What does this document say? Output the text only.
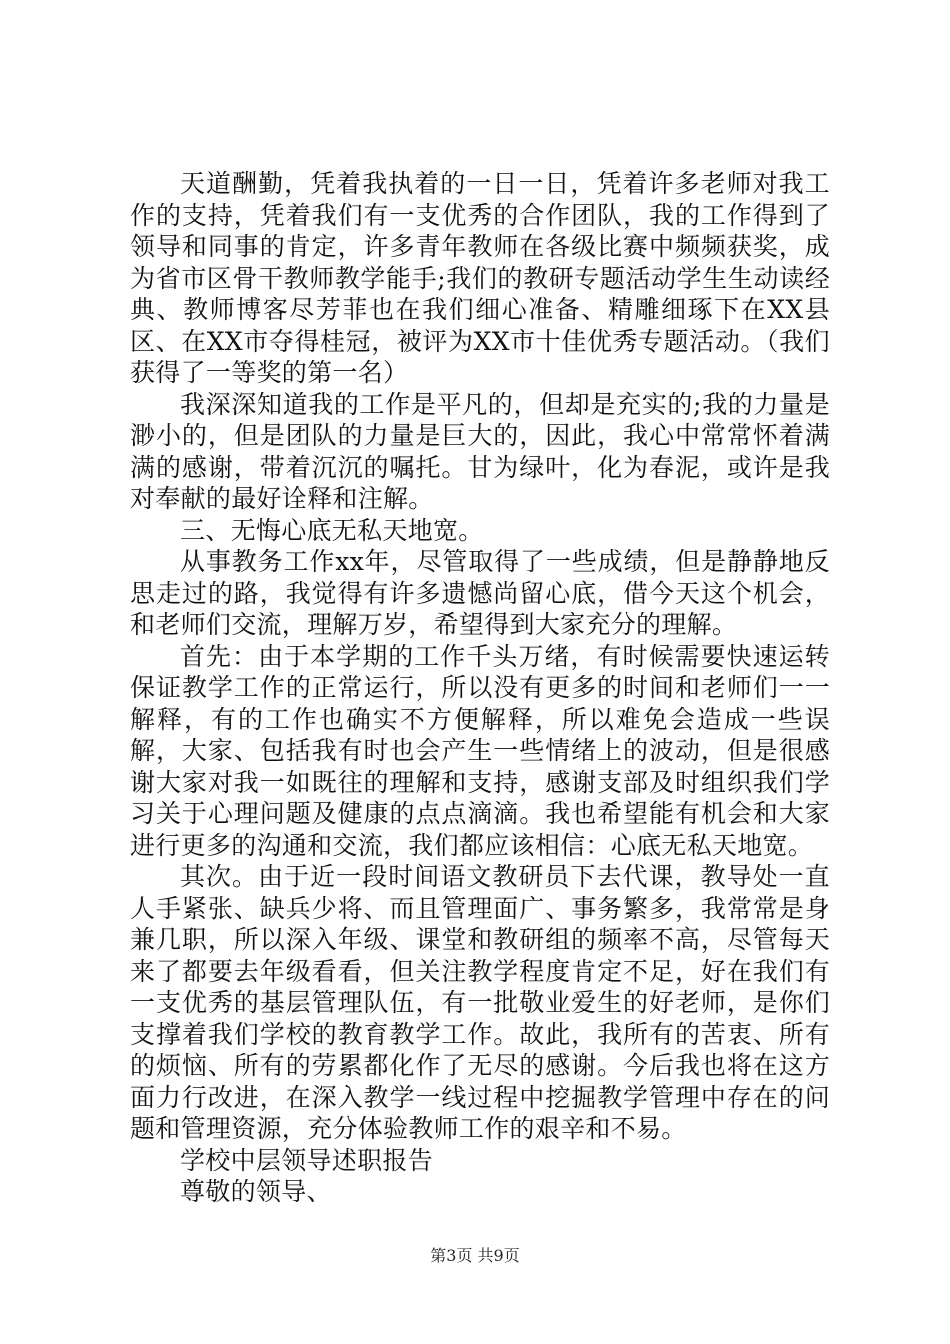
天道酬勤，凭着我执着的一日一日，凭着许多老师对我工作的支持，凭着我们有一支优秀的合作团队，我的工作得到了领导和同事的肯定，许多青年教师在各级比赛中频频获奖，成为省市区骨干教师教学能手;我们的教研专题活动学生生动读经典、教师博客尽芳菲也在我们细心准备、精雕细琢下在XX县区、在XX市夺得桂冠，被评为XX市十佳优秀专题活动。（我们获得了一等奖的第一名）

我深深知道我的工作是平凡的，但却是充实的;我的力量是渺小的，但是团队的力量是巨大的，因此，我心中常常怀着满满的感谢，带着沉沉的嘱托。甘为绿叶，化为春泥，或许是我对奉献的最好诠释和注解。

三、无悔心底无私天地宽。

从事教务工作xx年，尽管取得了一些成绩，但是静静地反思走过的路，我觉得有许多遗憾尚留心底，借今天这个机会，和老师们交流，理解万岁，希望得到大家充分的理解。

首先：由于本学期的工作千头万绪，有时候需要快速运转保证教学工作的正常运行，所以没有更多的时间和老师们一一解释，有的工作也确实不方便解释，所以难免会造成一些误解，大家、包括我有时也会产生一些情绪上的波动，但是很感谢大家对我一如既往的理解和支持，感谢支部及时组织我们学习关于心理问题及健康的点点滴滴。我也希望能有机会和大家进行更多的沟通和交流，我们都应该相信：心底无私天地宽。

其次。由于近一段时间语文教研员下去代课，教导处一直人手紧张、缺兵少将、而且管理面广、事务繁多，我常常是身兼几职，所以深入年级、课堂和教研组的频率不高，尽管每天来了都要去年级看看，但关注教学程度肯定不足，好在我们有一支优秀的基层管理队伍，有一批敬业爱生的好老师，是你们支撑着我们学校的教育教学工作。故此，我所有的苦衷、所有的烦恼、所有的劳累都化作了无尽的感谢。今后我也将在这方面力行改进，在深入教学一线过程中挖掘教学管理中存在的问题和管理资源，充分体验教师工作的艰辛和不易。

学校中层领导述职报告

尊敬的领导、

第3页 共9页
